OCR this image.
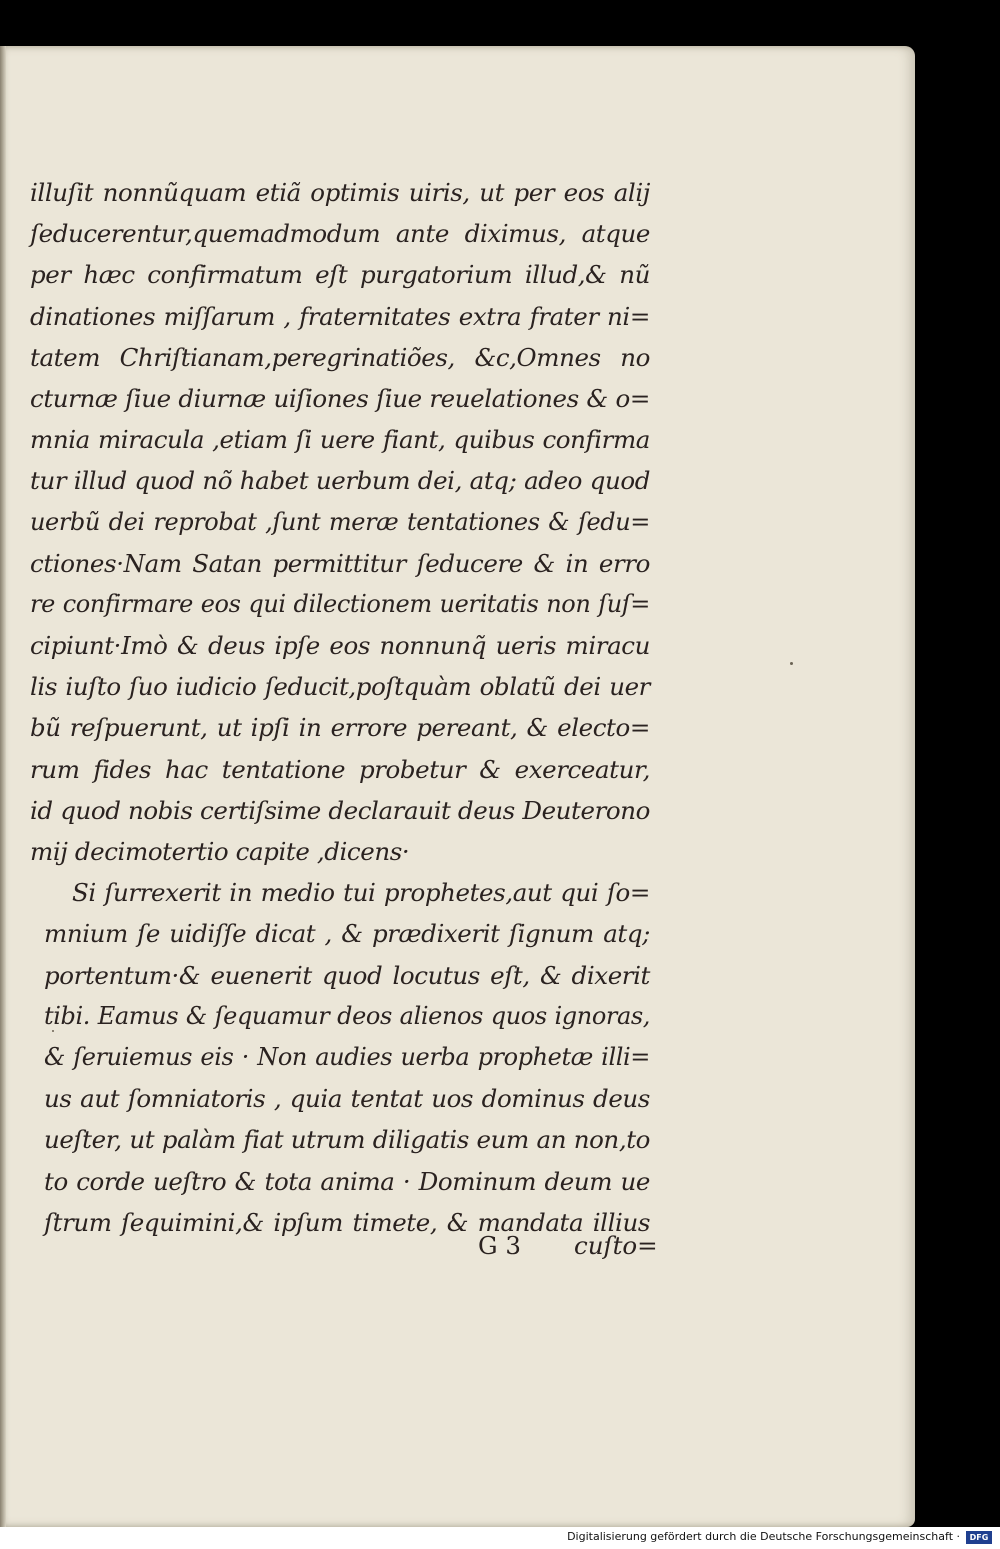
illuſit nonnũquam etiã optimis uiris, ut per eos alij
ſeducerentur,quemadmodum ante diximus, atque
per hæc confirmatum eſt purgatorium illud,& nũ
dinationes miſſarum , fraternitates extra frater ni=
tatem Chriſtianam,peregrinatiões, &c,Omnes no
cturnæ ſiue diurnæ uiſiones ſiue reuelationes & o=
mnia miracula ,etiam ſi uere fiant, quibus confirma
tur illud quod nõ habet uerbum dei, atq; adeo quod
uerbũ dei reprobat ,ſunt meræ tentationes & ſedu=
ctiones·Nam Satan permittitur ſeducere & in erro
re confirmare eos qui dilectionem ueritatis non ſuſ=
cipiunt·Imò & deus ipſe eos nonnunq̃ ueris miracu
lis iuſto ſuo iudicio ſeducit,poſtquàm oblatũ dei uer
bũ reſpuerunt, ut ipſi in errore pereant, & electo=
rum fides hac tentatione probetur & exerceatur,
id quod nobis certiſsime declarauit deus Deuterono
mij decimotertio capite ,dicens·
Si ſurrexerit in medio tui prophetes,aut qui ſo=
mnium ſe uidiſſe dicat , & prædixerit ſignum atq;
portentum·& euenerit quod locutus eſt, & dixerit
tibi. Eamus & ſequamur deos alienos quos ignoras,
& ſeruiemus eis · Non audies uerba prophetæ illi=
us aut ſomniatoris , quia tentat uos dominus deus
ueſter, ut palàm fiat utrum diligatis eum an non,to
to corde ueſtro & tota anima · Dominum deum ue
ſtrum ſequimini,& ipſum timete, & mandata illius
G 3 cuſto=
Digitalisierung gefördert durch die Deutsche Forschungsgemeinschaft ·	DFG
